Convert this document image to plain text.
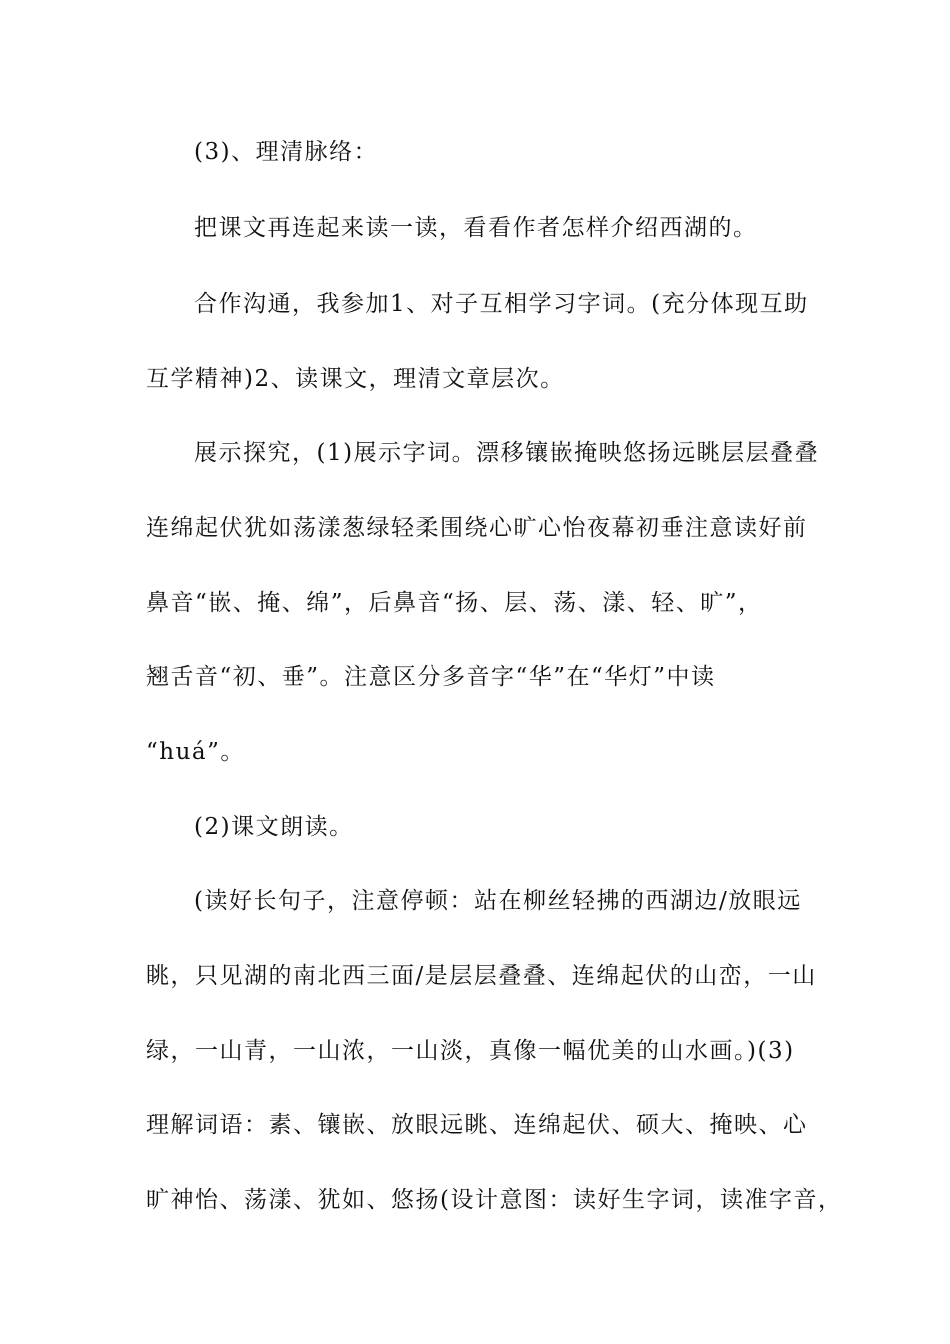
(3)、理清脉络：
把课文再连起来读一读，看看作者怎样介绍西湖的。
合作沟通，我参加1、对子互相学习字词。(充分体现互助
互学精神)2、读课文，理清文章层次。
展示探究，(1)展示字词。漂移镶嵌掩映悠扬远眺层层叠叠
连绵起伏犹如荡漾葱绿轻柔围绕心旷心怡夜幕初垂注意读好前
鼻音“嵌、掩、绵”，后鼻音“扬、层、荡、漾、轻、旷”，
翘舌音“初、垂”。注意区分多音字“华”在“华灯”中读
“huá”。
(2)课文朗读。
(读好长句子，注意停顿：站在柳丝轻拂的西湖边/放眼远
眺，只见湖的南北西三面/是层层叠叠、连绵起伏的山峦，一山
绿，一山青，一山浓，一山淡，真像一幅优美的山水画。)(3)
理解词语：素、镶嵌、放眼远眺、连绵起伏、硕大、掩映、心
旷神怡、荡漾、犹如、悠扬(设计意图：读好生字词，读准字音，
